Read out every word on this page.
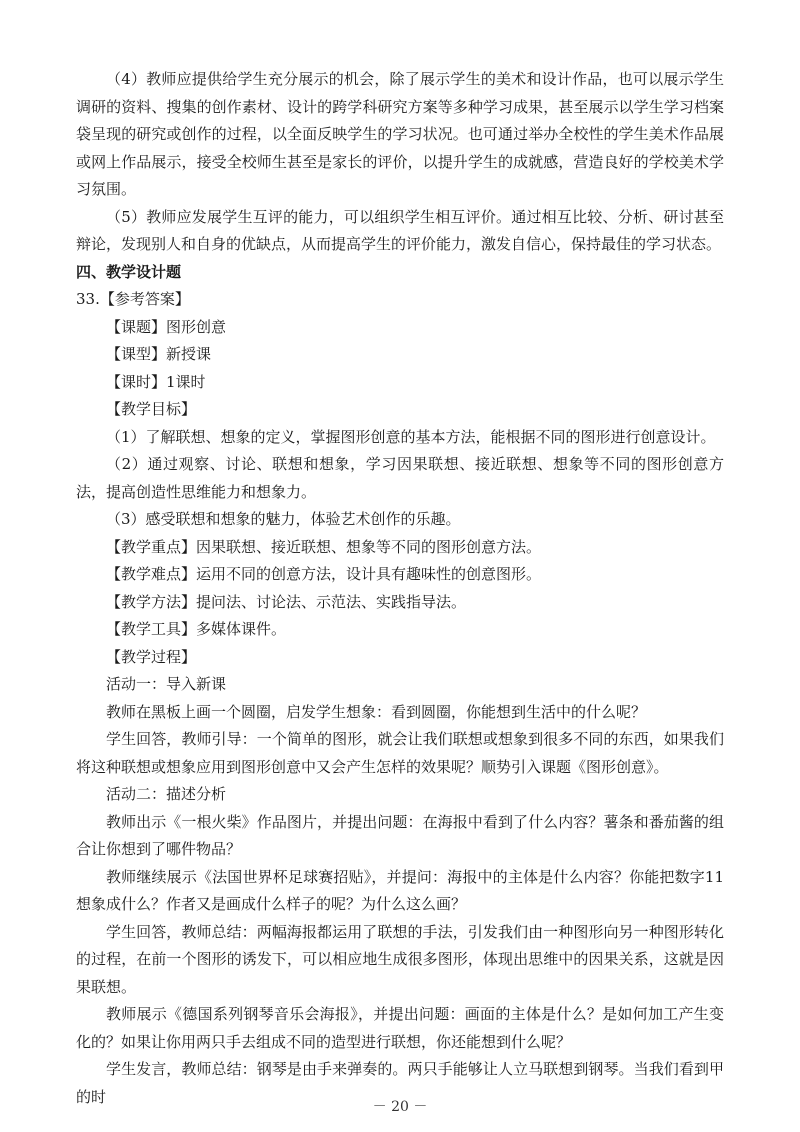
（4）教师应提供给学生充分展示的机会，除了展示学生的美术和设计作品，也可以展示学生调研的资料、搜集的创作素材、设计的跨学科研究方案等多种学习成果，甚至展示以学生学习档案袋呈现的研究或创作的过程，以全面反映学生的学习状况。也可通过举办全校性的学生美术作品展或网上作品展示，接受全校师生甚至是家长的评价，以提升学生的成就感，营造良好的学校美术学习氛围。

（5）教师应发展学生互评的能力，可以组织学生相互评价。通过相互比较、分析、研讨甚至辩论，发现别人和自身的优缺点，从而提高学生的评价能力，激发自信心，保持最佳的学习状态。

四、教学设计题

33.【参考答案】

【课题】图形创意

【课型】新授课

【课时】1课时

【教学目标】

（1）了解联想、想象的定义，掌握图形创意的基本方法，能根据不同的图形进行创意设计。

（2）通过观察、讨论、联想和想象，学习因果联想、接近联想、想象等不同的图形创意方法，提高创造性思维能力和想象力。

（3）感受联想和想象的魅力，体验艺术创作的乐趣。

【教学重点】因果联想、接近联想、想象等不同的图形创意方法。

【教学难点】运用不同的创意方法，设计具有趣味性的创意图形。

【教学方法】提问法、讨论法、示范法、实践指导法。

【教学工具】多媒体课件。

【教学过程】

活动一：导入新课

教师在黑板上画一个圆圈，启发学生想象：看到圆圈，你能想到生活中的什么呢？

学生回答，教师引导：一个简单的图形，就会让我们联想或想象到很多不同的东西，如果我们将这种联想或想象应用到图形创意中又会产生怎样的效果呢？顺势引入课题《图形创意》。

活动二：描述分析

教师出示《一根火柴》作品图片，并提出问题：在海报中看到了什么内容？薯条和番茄酱的组合让你想到了哪件物品？

教师继续展示《法国世界杯足球赛招贴》，并提问：海报中的主体是什么内容？你能把数字11想象成什么？作者又是画成什么样子的呢？为什么这么画？

学生回答，教师总结：两幅海报都运用了联想的手法，引发我们由一种图形向另一种图形转化的过程，在前一个图形的诱发下，可以相应地生成很多图形，体现出思维中的因果关系，这就是因果联想。

教师展示《德国系列钢琴音乐会海报》，并提出问题：画面的主体是什么？是如何加工产生变化的？如果让你用两只手去组成不同的造型进行联想，你还能想到什么呢？

学生发言，教师总结：钢琴是由手来弹奏的。两只手能够让人立马联想到钢琴。当我们看到甲的时

－ 20 －
